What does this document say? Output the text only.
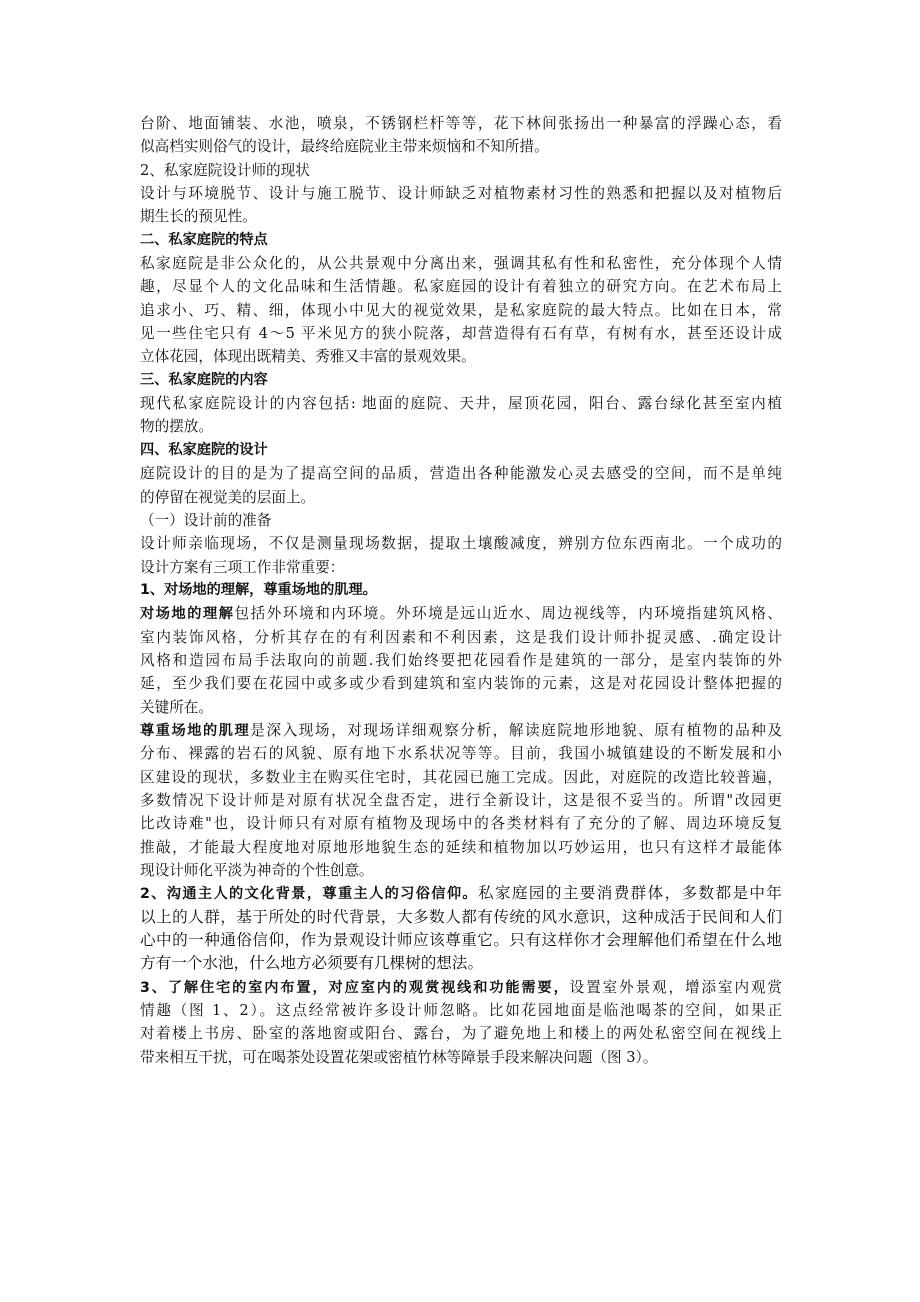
台阶、地面铺装、水池，喷泉，不锈钢栏杆等等，花下林间张扬出一种暴富的浮躁心态，看
似高档实则俗气的设计，最终给庭院业主带来烦恼和不知所措。
2、私家庭院设计师的现状
设计与环境脱节、设计与施工脱节、设计师缺乏对植物素材习性的熟悉和把握以及对植物后
期生长的预见性。
二、私家庭院的特点
私家庭院是非公众化的，从公共景观中分离出来，强调其私有性和私密性，充分体现个人情
趣，尽显个人的文化品味和生活情趣。私家庭园的设计有着独立的研究方向。在艺术布局上
追求小、巧、精、细，体现小中见大的视觉效果，是私家庭院的最大特点。比如在日本，常
见一些住宅只有 4～5 平米见方的狭小院落，却营造得有石有草，有树有水，甚至还设计成
立体花园，体现出既精美、秀雅又丰富的景观效果。
三、私家庭院的内容
现代私家庭院设计的内容包括: 地面的庭院、天井，屋顶花园，阳台、露台绿化甚至室内植
物的摆放。
四、私家庭院的设计
庭院设计的目的是为了提高空间的品质，营造出各种能激发心灵去感受的空间，而不是单纯
的停留在视觉美的层面上。
（一）设计前的准备
设计师亲临现场，不仅是测量现场数据，提取土壤酸减度，辨别方位东西南北。一个成功的
设计方案有三项工作非常重要：
1、对场地的理解，尊重场地的肌理。
对场地的理解包括外环境和内环境。外环境是远山近水、周边视线等，内环境指建筑风格、
室内装饰风格，分析其存在的有利因素和不利因素，这是我们设计师扑捉灵感、.确定设计
风格和造园布局手法取向的前题.我们始终要把花园看作是建筑的一部分，是室内装饰的外
延，至少我们要在花园中或多或少看到建筑和室内装饰的元素，这是对花园设计整体把握的
关键所在。
尊重场地的肌理是深入现场，对现场详细观察分析，解读庭院地形地貌、原有植物的品种及
分布、裸露的岩石的风貌、原有地下水系状况等等。目前，我国小城镇建设的不断发展和小
区建设的现状，多数业主在购买住宅时，其花园已施工完成。因此，对庭院的改造比较普遍，
多数情况下设计师是对原有状况全盘否定，进行全新设计，这是很不妥当的。所谓"改园更
比改诗难"也，设计师只有对原有植物及现场中的各类材料有了充分的了解、周边环境反复
推敲，才能最大程度地对原地形地貌生态的延续和植物加以巧妙运用，也只有这样才最能体
现设计师化平淡为神奇的个性创意。
2、沟通主人的文化背景，尊重主人的习俗信仰。私家庭园的主要消费群体，多数都是中年
以上的人群，基于所处的时代背景，大多数人都有传统的风水意识，这种成活于民间和人们
心中的一种通俗信仰，作为景观设计师应该尊重它。只有这样你才会理解他们希望在什么地
方有一个水池，什么地方必须要有几棵树的想法。
3、了解住宅的室内布置，对应室内的观赏视线和功能需要，设置室外景观，增添室内观赏
情趣（图 1、2）。这点经常被许多设计师忽略。比如花园地面是临池喝茶的空间，如果正
对着楼上书房、卧室的落地窗或阳台、露台，为了避免地上和楼上的两处私密空间在视线上
带来相互干扰，可在喝茶处设置花架或密植竹林等障景手段来解决问题（图 3）。
